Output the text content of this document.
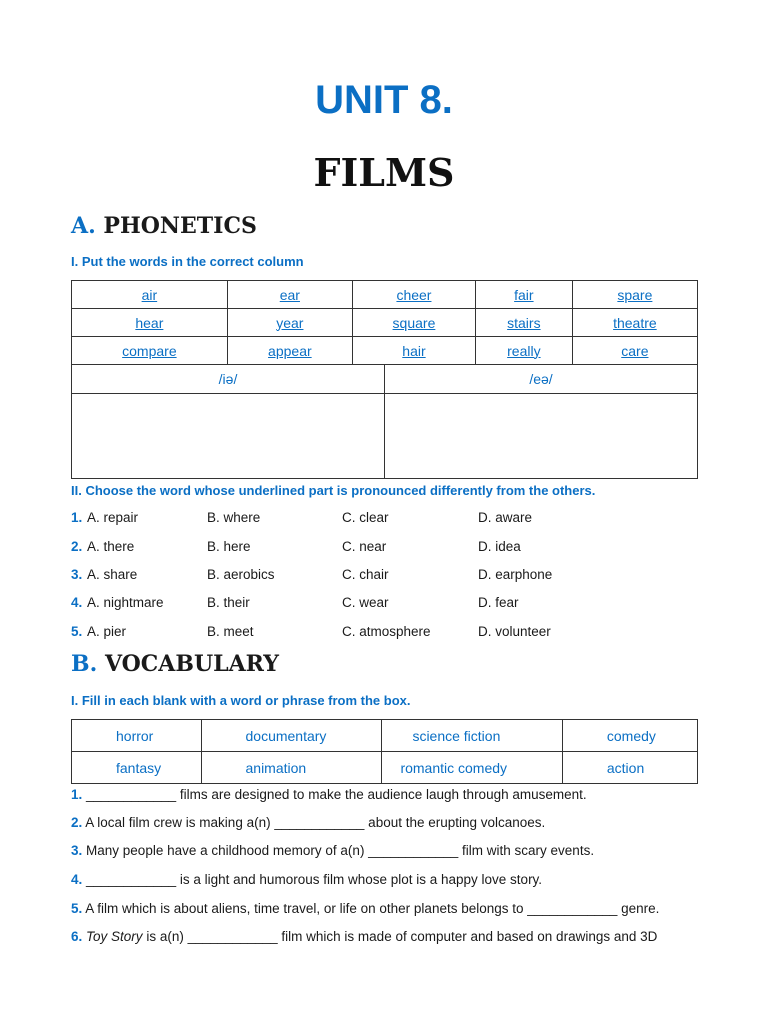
UNIT 8.
FILMS
A. PHONETICS
I. Put the words in the correct column
air	ear	cheer	fair	spare
hear	year	square	stairs	theatre
compare	appear	hair	really	care
/iə/	/eə/

II. Choose the word whose underlined part is pronounced differently from the others.
1. A. repair	B. where	C. clear	D. aware
2. A. there	B. here	C. near	D. idea
3. A. share	B. aerobics	C. chair	D. earphone
4. A. nightmare	B. their	C. wear	D. fear
5. A. pier	B. meet	C. atmosphere	D. volunteer
B. VOCABULARY
I. Fill in each blank with a word or phrase from the box.
horror	documentary	science fiction	comedy
fantasy	animation	romantic comedy	action
1. ____________ films are designed to make the audience laugh through amusement.
2. A local film crew is making a(n) ____________ about the erupting volcanoes.
3. Many people have a childhood memory of a(n) ____________ film with scary events.
4. ____________ is a light and humorous film whose plot is a happy love story.
5. A film which is about aliens, time travel, or life on other planets belongs to ____________ genre.
6. Toy Story is a(n) ____________ film which is made of computer and based on drawings and 3D
